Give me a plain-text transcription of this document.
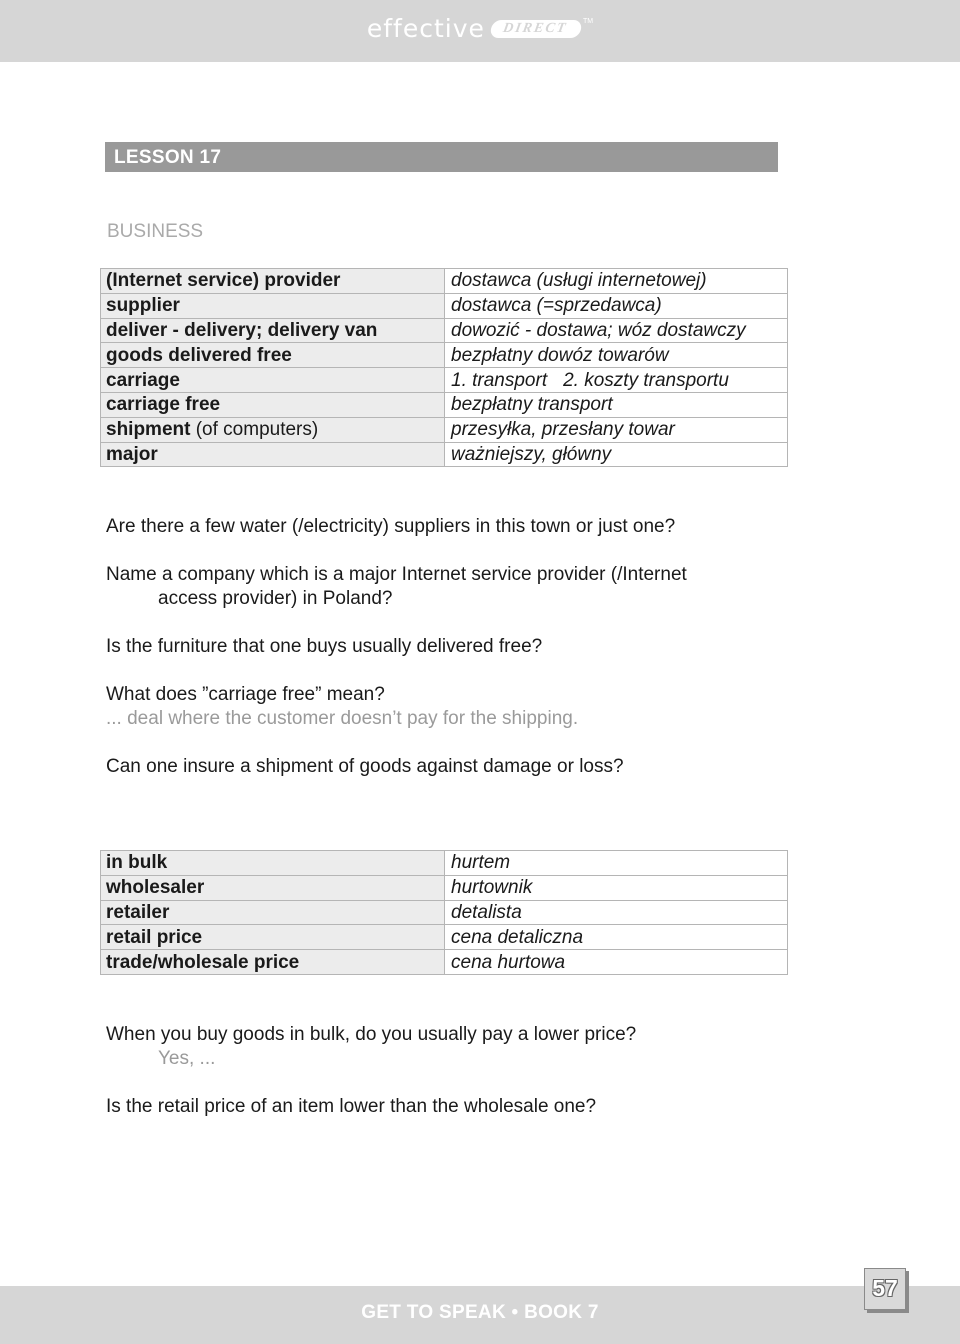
effective DIRECT TM
LESSON 17
BUSINESS
(Internet service) provider	dostawca (usługi internetowej)
supplier	dostawca (=sprzedawca)
deliver - delivery; delivery van	dowozić - dostawa; wóz dostawczy
goods delivered free	bezpłatny dowóz towarów
carriage	1. transport 2. koszty transportu
carriage free	bezpłatny transport
shipment (of computers)	przesyłka, przesłany towar
major	ważniejszy, główny
Are there a few water (/electricity) suppliers in this town or just one?
Name a company which is a major Internet service provider (/Internet
access provider) in Poland?
Is the furniture that one buys usually delivered free?
What does ”carriage free” mean?
... deal where the customer doesn’t pay for the shipping.
Can one insure a shipment of goods against damage or loss?
in bulk	hurtem
wholesaler	hurtownik
retailer	detalista
retail price	cena detaliczna
trade/wholesale price	cena hurtowa
When you buy goods in bulk, do you usually pay a lower price?
Yes, ...
Is the retail price of an item lower than the wholesale one?
GET TO SPEAK • BOOK 7
57
